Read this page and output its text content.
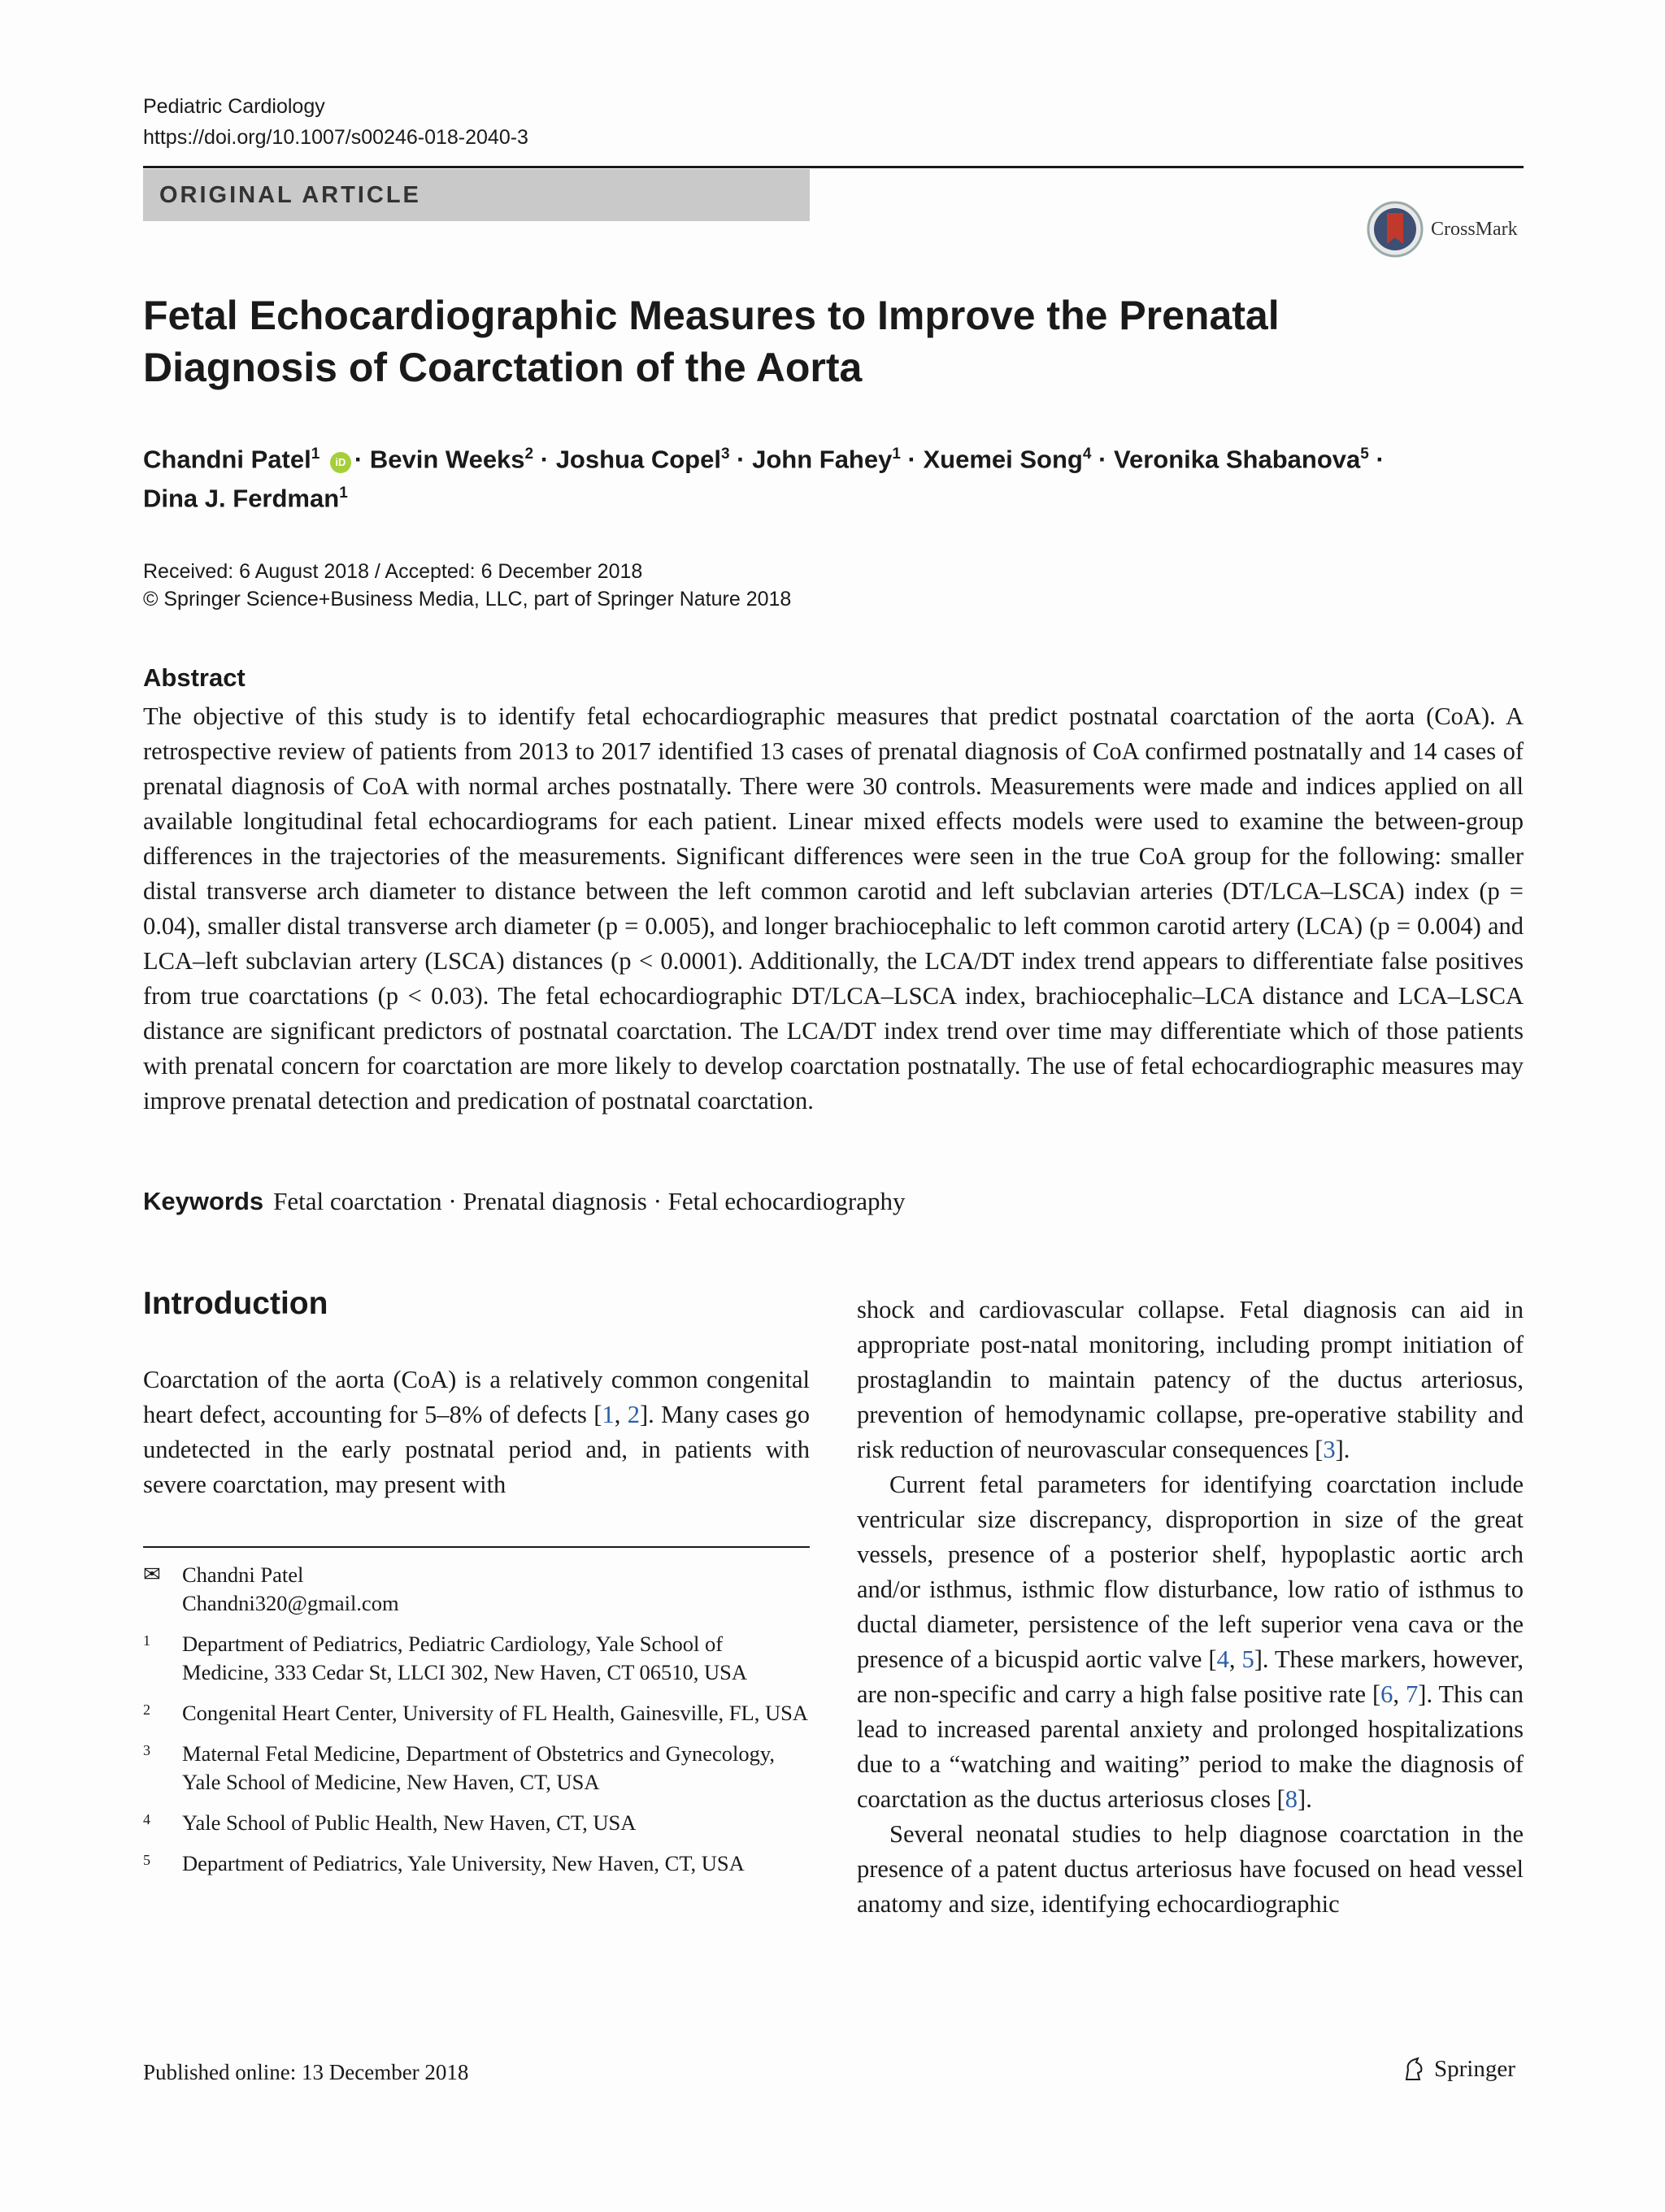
Pediatric Cardiology
https://doi.org/10.1007/s00246-018-2040-3
ORIGINAL ARTICLE
CrossMark
Fetal Echocardiographic Measures to Improve the Prenatal Diagnosis of Coarctation of the Aorta
Chandni Patel$^1$ iD · Bevin Weeks$^2$ · Joshua Copel$^3$ · John Fahey$^1$ · Xuemei Song$^4$ · Veronika Shabanova$^5$ ·
Dina J. Ferdman$^1$
Received: 6 August 2018 / Accepted: 6 December 2018
© Springer Science+Business Media, LLC, part of Springer Nature 2018
Abstract
The objective of this study is to identify fetal echocardiographic measures that predict postnatal coarctation of the aorta (CoA). A retrospective review of patients from 2013 to 2017 identified 13 cases of prenatal diagnosis of CoA confirmed postnatally and 14 cases of prenatal diagnosis of CoA with normal arches postnatally. There were 30 controls. Measurements were made and indices applied on all available longitudinal fetal echocardiograms for each patient. Linear mixed effects models were used to examine the between-group differences in the trajectories of the measurements. Significant differences were seen in the true CoA group for the following: smaller distal transverse arch diameter to distance between the left common carotid and left subclavian arteries (DT/LCA–LSCA) index (p = 0.04), smaller distal transverse arch diameter (p = 0.005), and longer brachiocephalic to left common carotid artery (LCA) (p = 0.004) and LCA–left subclavian artery (LSCA) distances (p < 0.0001). Additionally, the LCA/DT index trend appears to differentiate false positives from true coarctations (p < 0.03). The fetal echocardiographic DT/LCA–LSCA index, brachiocephalic–LCA distance and LCA–LSCA distance are significant predictors of postnatal coarctation. The LCA/DT index trend over time may differentiate which of those patients with prenatal concern for coarctation are more likely to develop coarctation postnatally. The use of fetal echocardiographic measures may improve prenatal detection and predication of postnatal coarctation.
Keywords Fetal coarctation · Prenatal diagnosis · Fetal echocardiography
Introduction
Coarctation of the aorta (CoA) is a relatively common congenital heart defect, accounting for 5–8% of defects [1, 2]. Many cases go undetected in the early postnatal period and, in patients with severe coarctation, may present with
✉ Chandni Patel
Chandni320@gmail.com
1	Department of Pediatrics, Pediatric Cardiology, Yale School of Medicine, 333 Cedar St, LLCI 302, New Haven, CT 06510, USA
2	Congenital Heart Center, University of FL Health, Gainesville, FL, USA
3	Maternal Fetal Medicine, Department of Obstetrics and Gynecology, Yale School of Medicine, New Haven, CT, USA
4	Yale School of Public Health, New Haven, CT, USA
5	Department of Pediatrics, Yale University, New Haven, CT, USA

shock and cardiovascular collapse. Fetal diagnosis can aid in appropriate post-natal monitoring, including prompt initiation of prostaglandin to maintain patency of the ductus arteriosus, prevention of hemodynamic collapse, pre-operative stability and risk reduction of neurovascular consequences [3].

Current fetal parameters for identifying coarctation include ventricular size discrepancy, disproportion in size of the great vessels, presence of a posterior shelf, hypoplastic aortic arch and/or isthmus, isthmic flow disturbance, low ratio of isthmus to ductal diameter, persistence of the left superior vena cava or the presence of a bicuspid aortic valve [4, 5]. These markers, however, are non-specific and carry a high false positive rate [6, 7]. This can lead to increased parental anxiety and prolonged hospitalizations due to a “watching and waiting” period to make the diagnosis of coarctation as the ductus arteriosus closes [8].

Several neonatal studies to help diagnose coarctation in the presence of a patent ductus arteriosus have focused on head vessel anatomy and size, identifying echocardiographic

Published online: 13 December 2018	Springer
